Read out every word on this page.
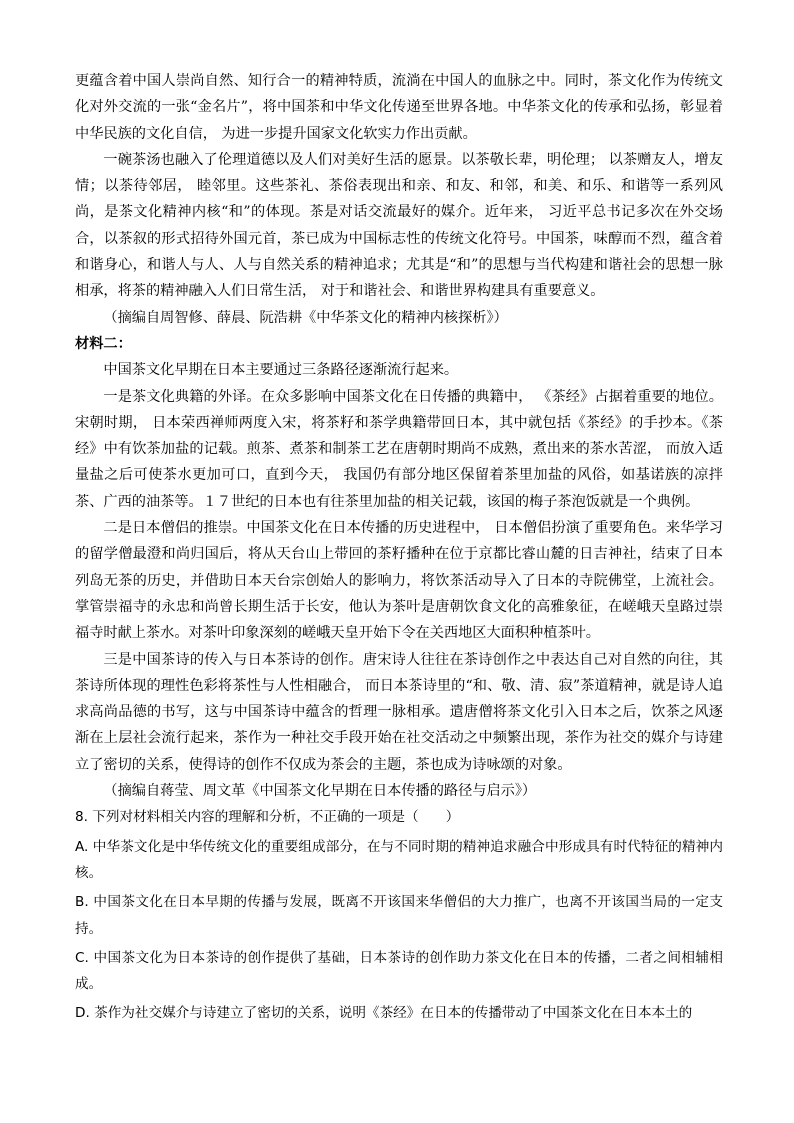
更蕴含着中国人崇尚自然、知行合一的精神特质，流淌在中国人的血脉之中。同时，茶文化作为传统文化对外交流的一张“金名片”，将中国茶和中华文化传递至世界各地。中华茶文化的传承和弘扬，彰显着中华民族的文化自信， 为进一步提升国家文化软实力作出贡献。

一碗茶汤也融入了伦理道德以及人们对美好生活的愿景。以茶敬长辈，明伦理； 以茶赠友人，增友情；以茶待邻居， 睦邻里。这些茶礼、茶俗表现出和亲、和友、和邻，和美、和乐、和谐等一系列风尚，是茶文化精神内核“和”的体现。茶是对话交流最好的媒介。近年来， 习近平总书记多次在外交场合，以茶叙的形式招待外国元首，茶已成为中国标志性的传统文化符号。中国茶，味醇而不烈，蕴含着和谐身心，和谐人与人、人与自然关系的精神追求；尤其是“和”的思想与当代构建和谐社会的思想一脉相承，将茶的精神融入人们日常生活， 对于和谐社会、和谐世界构建具有重要意义。

（摘编自周智修、薛晨、阮浩耕《中华茶文化的精神内核探析》）

材料二：

中国茶文化早期在日本主要通过三条路径逐渐流行起来。

一是茶文化典籍的外译。在众多影响中国茶文化在日传播的典籍中， 《茶经》占据着重要的地位。宋朝时期， 日本荣西禅师两度入宋，将茶籽和茶学典籍带回日本，其中就包括《茶经》的手抄本。《茶经》中有饮茶加盐的记载。煎茶、煮茶和制茶工艺在唐朝时期尚不成熟，煮出来的茶水苦涩， 而放入适量盐之后可使茶水更加可口，直到今天， 我国仍有部分地区保留着茶里加盐的风俗，如基诺族的凉拌茶、广西的油茶等。１７世纪的日本也有往茶里加盐的相关记载，该国的梅子茶泡饭就是一个典例。

二是日本僧侣的推崇。中国茶文化在日本传播的历史进程中， 日本僧侣扮演了重要角色。来华学习的留学僧最澄和尚归国后，将从天台山上带回的茶籽播种在位于京都比睿山麓的日吉神社，结束了日本列岛无茶的历史，并借助日本天台宗创始人的影响力，将饮茶活动导入了日本的寺院佛堂，上流社会。掌管崇福寺的永忠和尚曾长期生活于长安，他认为茶叶是唐朝饮食文化的高雅象征，在嵯峨天皇路过崇福寺时献上茶水。对茶叶印象深刻的嵯峨天皇开始下令在关西地区大面积种植茶叶。

三是中国茶诗的传入与日本茶诗的创作。唐宋诗人往往在茶诗创作之中表达自己对自然的向往，其茶诗所体现的理性色彩将茶性与人性相融合， 而日本茶诗里的“和、敬、清、寂”茶道精神，就是诗人追求高尚品德的书写，这与中国茶诗中蕴含的哲理一脉相承。遣唐僧将茶文化引入日本之后，饮茶之风逐渐在上层社会流行起来，茶作为一种社交手段开始在社交活动之中频繁出现，茶作为社交的媒介与诗建立了密切的关系，使得诗的创作不仅成为茶会的主题，茶也成为诗咏颂的对象。

（摘编自蒋莹、周文革《中国茶文化早期在日本传播的路径与启示》）

8. 下列对材料相关内容的理解和分析，不正确的一项是（　　）

A. 中华茶文化是中华传统文化的重要组成部分，在与不同时期的精神追求融合中形成具有时代特征的精神内核。

B. 中国茶文化在日本早期的传播与发展，既离不开该国来华僧侣的大力推广，也离不开该国当局的一定支持。

C. 中国茶文化为日本茶诗的创作提供了基础，日本茶诗的创作助力茶文化在日本的传播，二者之间相辅相成。

D. 茶作为社交媒介与诗建立了密切的关系，说明《茶经》在日本的传播带动了中国茶文化在日本本土的
